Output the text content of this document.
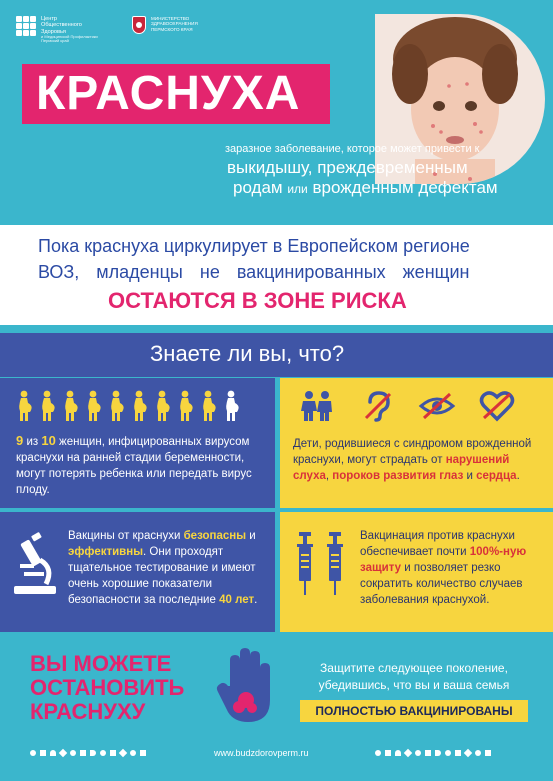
Центр
Общественного
Здоровья
и Медицинской Профилактики
Пермский край
МИНИСТЕРСТВО
ЗДРАВООХРАНЕНИЯ
ПЕРМСКОГО КРАЯ
КРАСНУХА
заразное заболевание, которое может привести к
выкидышу, преждевременным
родам или врожденным дефектам
Пока краснуха циркулирует в Европейском регионе
ВОЗ, младенцы не вакцинированных женщин
ОСТАЮТСЯ В ЗОНЕ РИСКА
Знаете ли вы, что?
9 из 10 женщин, инфицированных вирусом краснухи на ранней стадии беременности, могут потерять ребенка или передать вирус плоду.
Дети, родившиеся с синдромом врожденной краснухи, могут страдать от нарушений слуха, пороков развития глаз и сердца.
Вакцины от краснухи безопасны и эффективны. Они проходят тщательное тестирование и имеют очень хорошие показатели безопасности за последние 40 лет.
Вакцинация против краснухи обеспечивает почти 100%-ную защиту и позволяет резко сократить количество случаев заболевания краснухой.
ВЫ МОЖЕТЕ
ОСТАНОВИТЬ
КРАСНУХУ
Защитите следующее поколение, убедившись, что вы и ваша семья
ПОЛНОСТЬЮ ВАКЦИНИРОВАНЫ
www.budzdorovperm.ru
